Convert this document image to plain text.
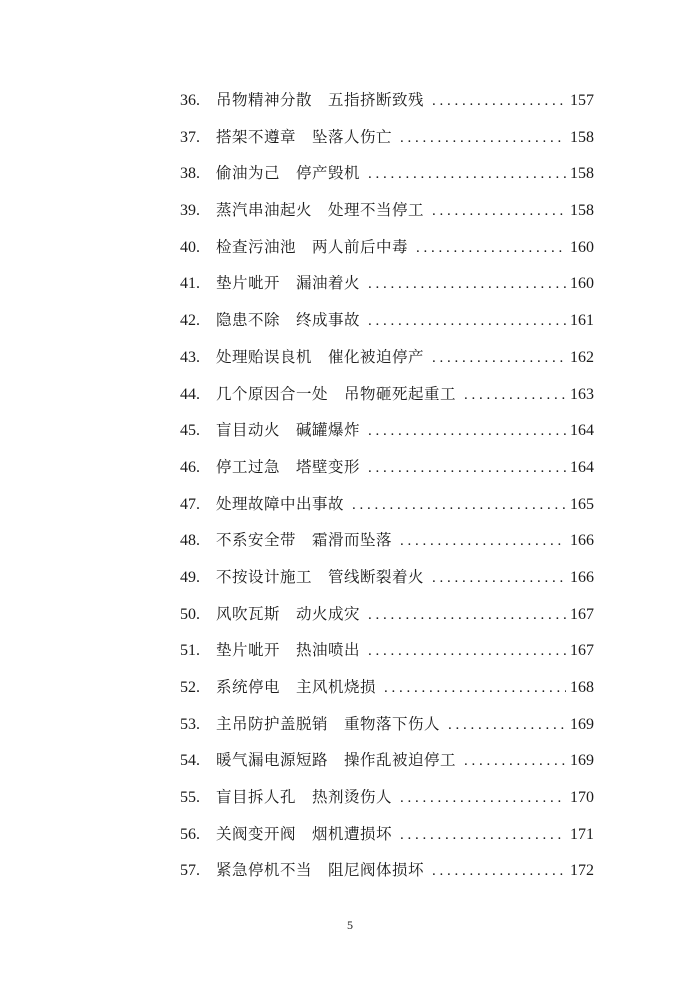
36.	吊物精神分散　五指挤断致残 . . .	157
37.	搭架不遵章　坠落人伤亡 . . .	158
38.	偷油为己　停产毁机 . . .	158
39.	蒸汽串油起火　处理不当停工 . . .	158
40.	检查污油池　两人前后中毒 . . .	160
41.	垫片呲开　漏油着火 . . .	160
42.	隐患不除　终成事故 . . .	161
43.	处理贻误良机　催化被迫停产 . . .	162
44.	几个原因合一处　吊物砸死起重工 . . .	163
45.	盲目动火　碱罐爆炸 . . .	164
46.	停工过急　塔壁变形 . . .	164
47.	处理故障中出事故 . . .	165
48.	不系安全带　霜滑而坠落 . . .	166
49.	不按设计施工　管线断裂着火 . . .	166
50.	风吹瓦斯　动火成灾 . . .	167
51.	垫片呲开　热油喷出 . . .	167
52.	系统停电　主风机烧损 . . .	168
53.	主吊防护盖脱销　重物落下伤人 . . .	169
54.	暖气漏电源短路　操作乱被迫停工 . . .	169
55.	盲目拆人孔　热剂烫伤人 . . .	170
56.	关阀变开阀　烟机遭损坏 . . .	171
57.	紧急停机不当　阻尼阀体损坏 . . .	172
5
